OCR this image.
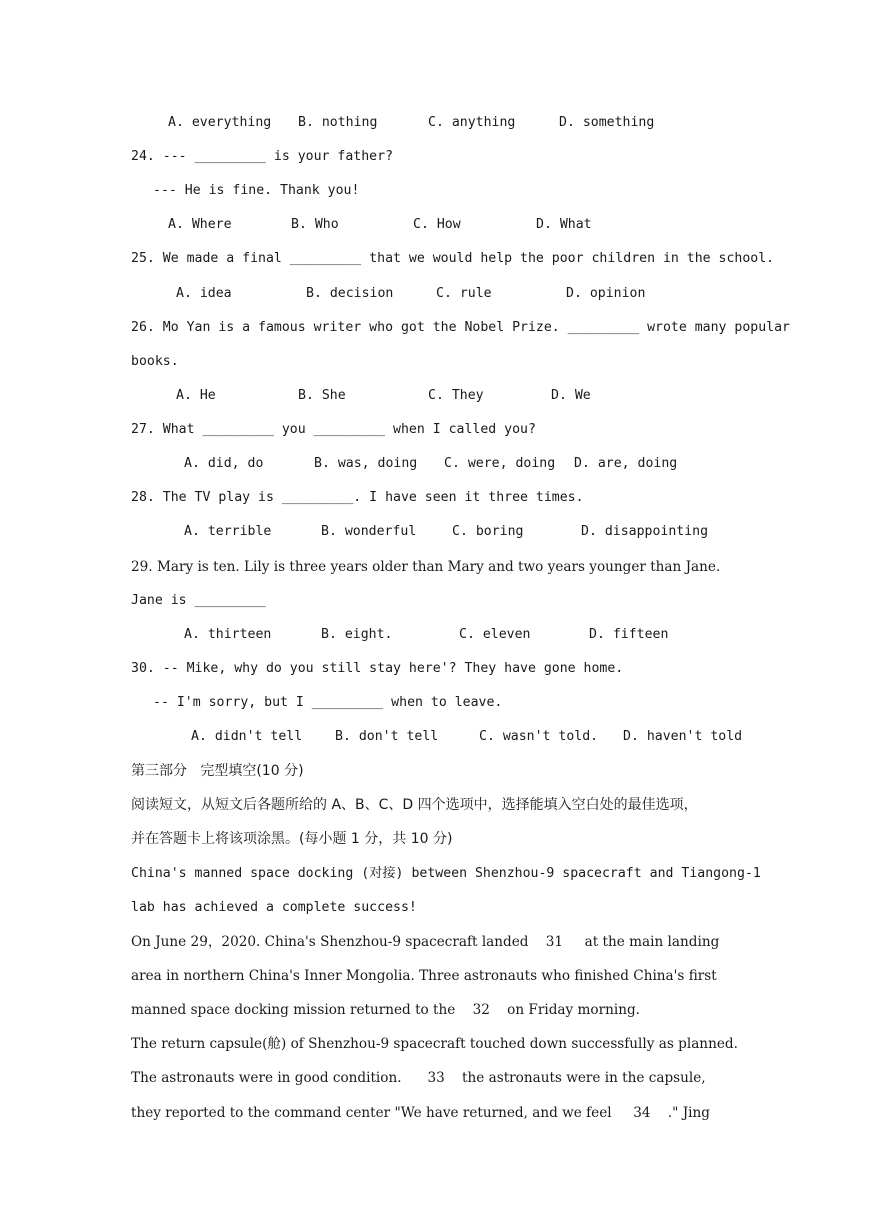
A. everything B. nothing	C. anything	D. something
24. --- _________ is your father?
--- He is fine. Thank you!
A. Where	B. Who	C. How	D. What
25. We made a final _________ that we would help the poor children in the school.
A. idea	B. decision	C. rule	D. opinion
26. Mo Yan is a famous writer who got the Nobel Prize. _________ wrote many popular
books.
A. He	B. She	C. They	D. We
27. What _________ you _________ when I called you?
A. did, do	B. was, doing C. were, doing D. are, doing
28. The TV play is _________. I have seen it three times.
A. terrible	B. wonderful	C. boring	D. disappointing
29. Mary is ten. Lily is three years older than Mary and two years younger than Jane.
Jane is _________
A. thirteen	B. eight.	C. eleven	D. fifteen
30. -- Mike, why do you still stay here'? They have gone home.
-- I'm sorry, but I _________ when to leave.
A. didn't tell B. don't tell	C. wasn't told. D. haven't told
第三部分   完型填空(10 分)
阅读短文，从短文后各题所给的 A、B、C、D 四个选项中，选择能填入空白处的最佳选项，
并在答题卡上将该项涂黑。(每小题 1 分，共 10 分)
China's manned space docking (对接) between Shenzhou-9 spacecraft and Tiangong-1
lab has achieved a complete success!
On June 29，2020. China's Shenzhou-9 spacecraft landed    31     at the main landing
area in northern China's Inner Mongolia. Three astronauts who finished China's first
manned space docking mission returned to the    32    on Friday morning.
The return capsule(舱) of Shenzhou-9 spacecraft touched down successfully as planned.
The astronauts were in good condition.      33    the astronauts were in the capsule,
they reported to the command center "We have returned, and we feel     34    ." Jing
